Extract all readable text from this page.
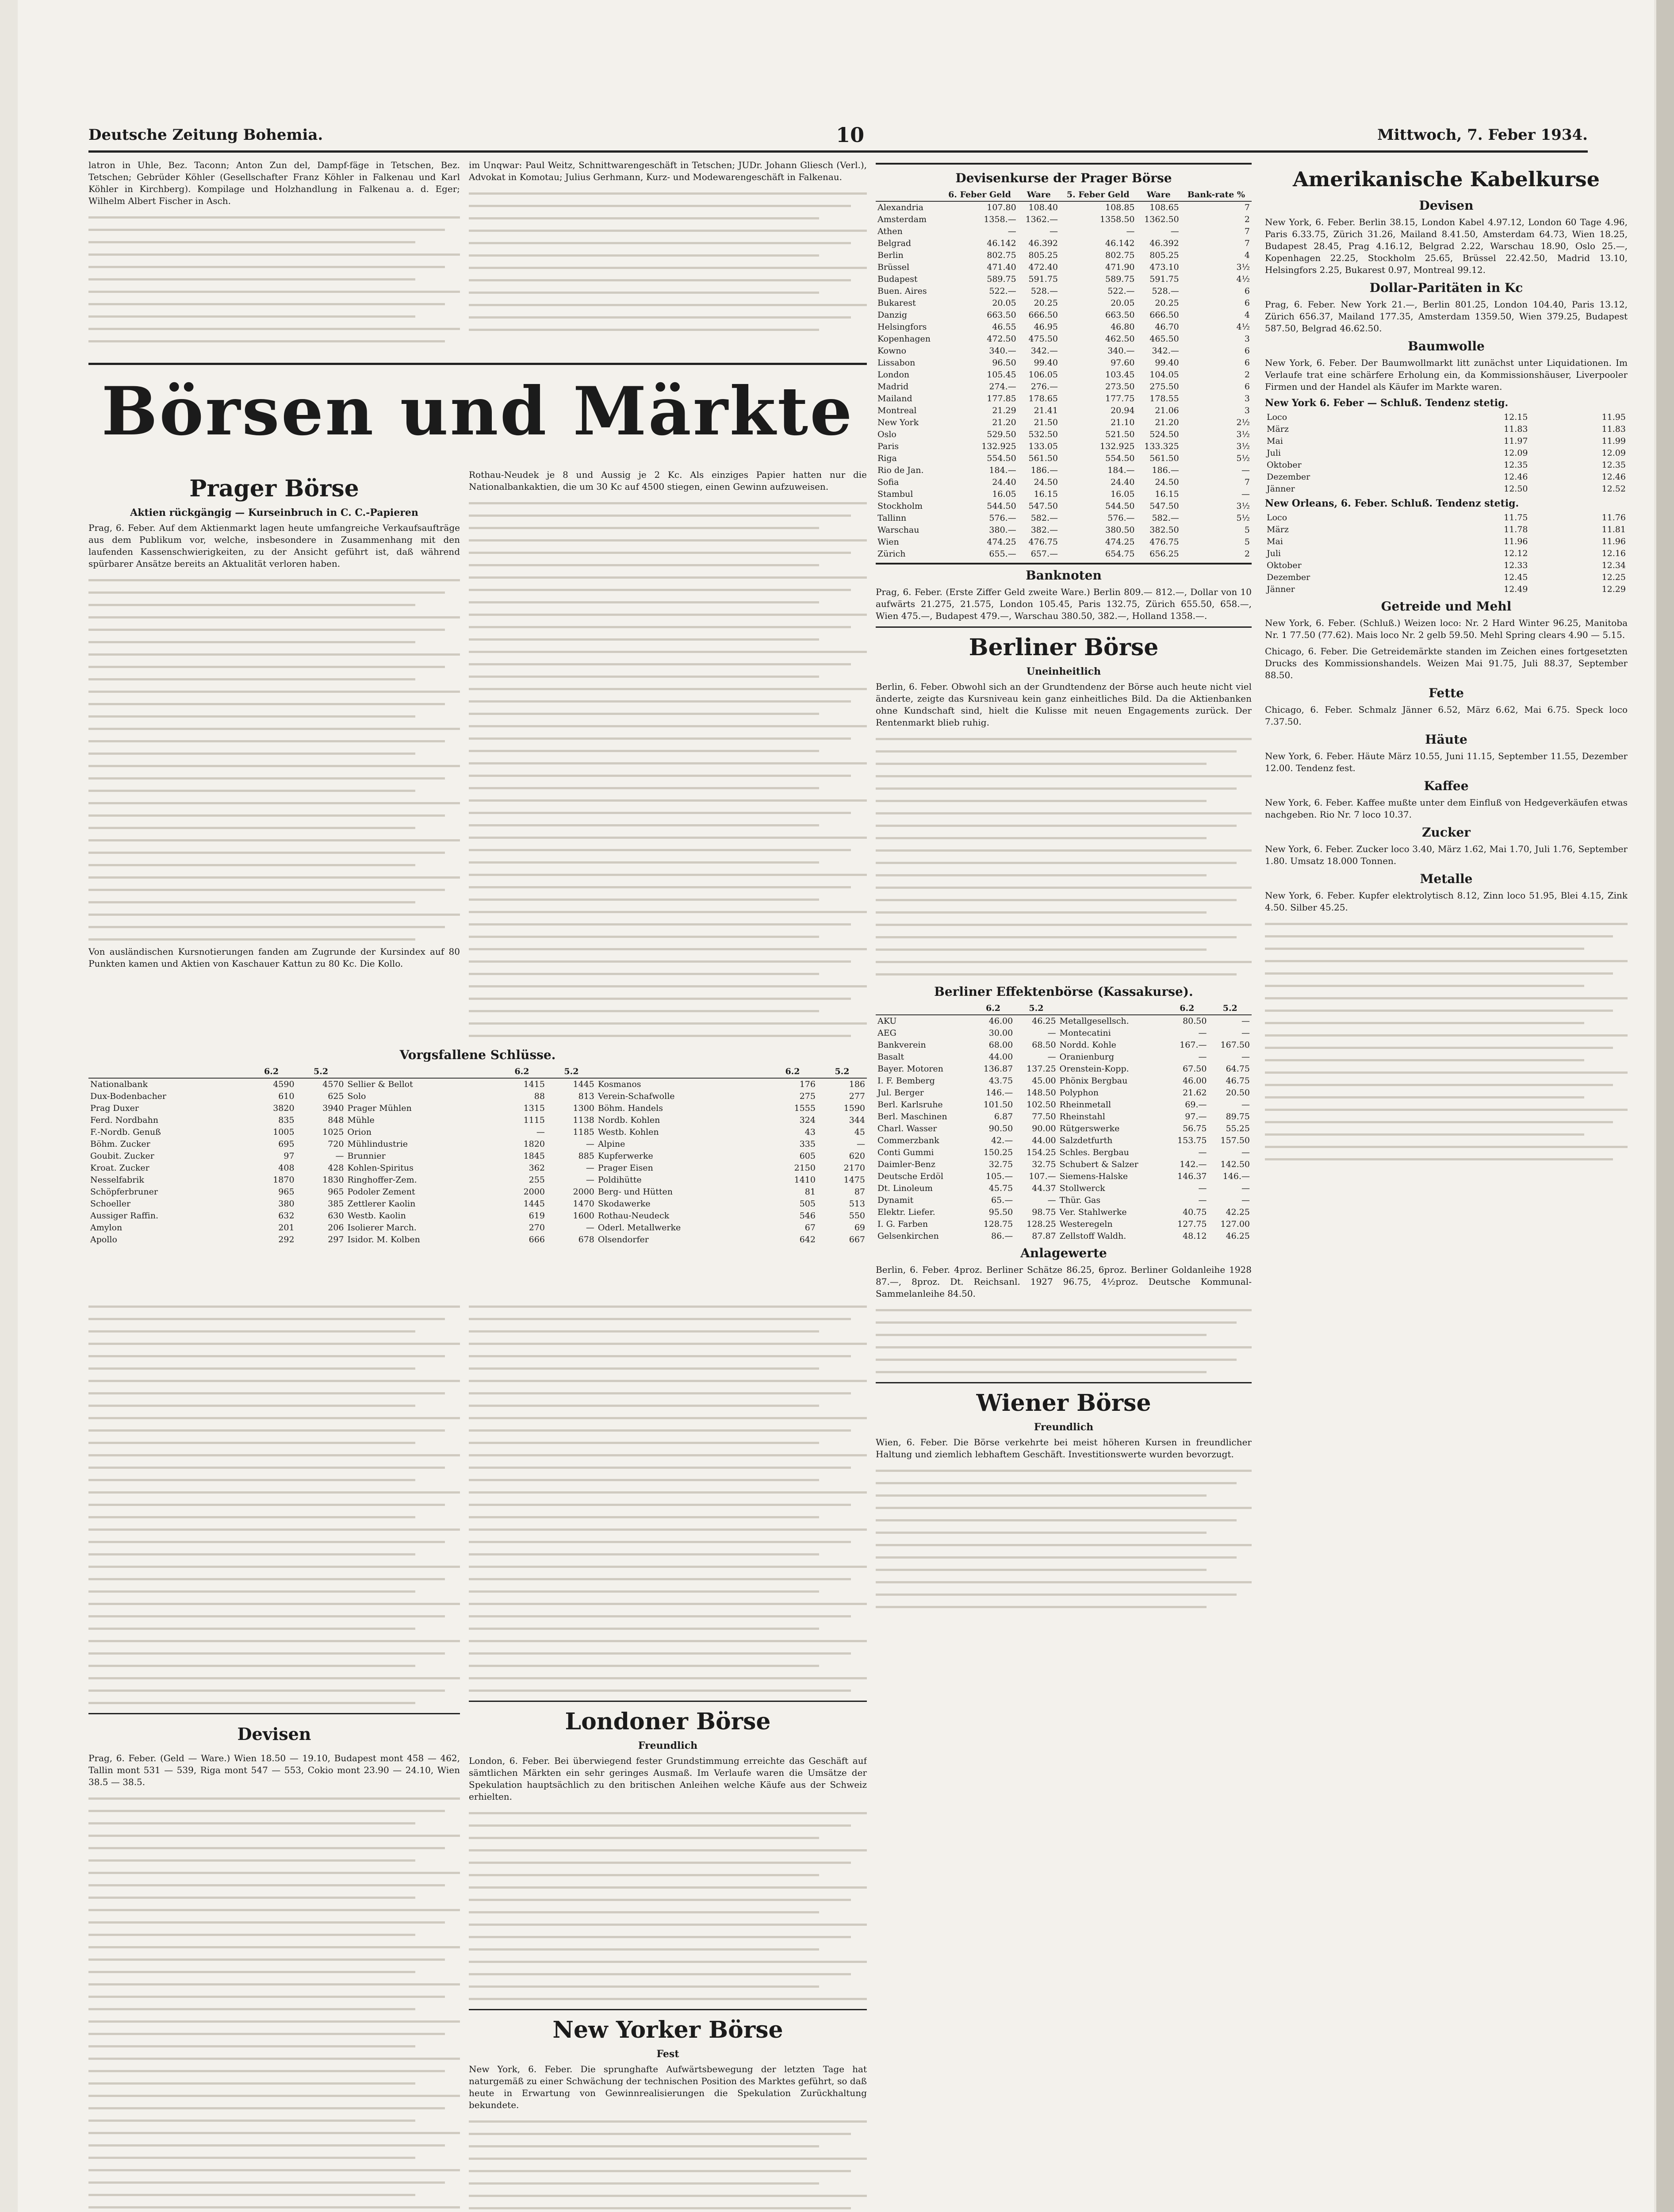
Deutsche Zeitung Bohemia.	10	Mittwoch, 7. Feber 1934.

latron in Uhle, Bez. Taconn; Anton Zun del, Dampf-fäge in Tetschen, Bez. Tetschen; Gebrüder Köhler (Gesellschafter Franz Köhler in Falkenau und Karl Köhler in Kirchberg). Kompilage und Holzhandlung in Falkenau a. d. Eger; Wilhelm Albert Fischer in Asch.

im Unqwar: Paul Weitz, Schnittwarengeschäft in Tetschen; JUDr. Johann Gliesch (Verl.), Advokat in Komotau; Julius Gerhmann, Kurz- und Modewarengeschäft in Falkenau.

Börsen und Märkte
Prager Börse
Aktien rückgängig — Kurseinbruch in C. C.-Papieren

Prag, 6. Feber. Auf dem Aktienmarkt lagen heute umfangreiche Verkaufsaufträge aus dem Publikum vor, welche, insbesondere in Zusammenhang mit den laufenden Kassenschwierigkeiten, zu der Ansicht geführt ist, daß während spürbarer Ansätze bereits an Aktualität verloren haben.

Von ausländischen Kursnotierungen fanden am Zugrunde der Kursindex auf 80 Punkten kamen und Aktien von Kaschauer Kattun zu 80 Kc. Die Kollo.

Rothau-Neudek je 8 und Aussig je 2 Kc. Als einziges Papier hatten nur die Nationalbankaktien, die um 30 Kc auf 4500 stiegen, einen Gewinn aufzuweisen.

Vorgsfallene Schlüsse.
	6.2	5.2		6.2	5.2		6.2	5.2
Nationalbank	4590	4570	Sellier & Bellot	1415	1445	Kosmanos	176	186
Dux-Bodenbacher	610	625	Solo	88	813	Verein-Schafwolle	275	277
Prag Duxer	3820	3940	Prager Mühlen	1315	1300	Böhm. Handels	1555	1590
Ferd. Nordbahn	835	848	Mühle	1115	1138	Nordb. Kohlen	324	344
F.-Nordb. Genuß	1005	1025	Orion	—	1185	Westb. Kohlen	43	45
Böhm. Zucker	695	720	Mühlindustrie	1820	—	Alpine	335	—
Goubit. Zucker	97	—	Brunnier	1845	885	Kupferwerke	605	620
Kroat. Zucker	408	428	Kohlen-Spiritus	362	—	Prager Eisen	2150	2170
Nesselfabrik	1870	1830	Ringhoffer-Zem.	255	—	Poldihütte	1410	1475
Schöpferbruner	965	965	Podoler Zement	2000	2000	Berg- und Hütten	81	87
Schoeller	380	385	Zettlerer Kaolin	1445	1470	Skodawerke	505	513
Aussiger Raffin.	632	630	Westb. Kaolin	619	1600	Rothau-Neudeck	546	550
Amylon	201	206	Isolierer March.	270	—	Oderl. Metallwerke	67	69
Apollo	292	297	Isidor. M. Kolben	666	678	Olsendorfer	642	667
Devisen

Prag, 6. Feber. (Geld — Ware.) Wien 18.50 — 19.10, Budapest mont 458 — 462, Tallin mont 531 — 539, Riga mont 547 — 553, Cokio mont 23.90 — 24.10, Wien 38.5 — 38.5.

Londoner Börse
Freundlich

London, 6. Feber. Bei überwiegend fester Grundstimmung erreichte das Geschäft auf sämtlichen Märkten ein sehr geringes Ausmaß. Im Verlaufe waren die Umsätze der Spekulation hauptsächlich zu den britischen Anleihen welche Käufe aus der Schweiz erhielten.

New Yorker Börse
Fest

New York, 6. Feber. Die sprunghafte Aufwärtsbewegung der letzten Tage hat naturgemäß zu einer Schwächung der technischen Position des Marktes geführt, so daß heute in Erwartung von Gewinnrealisierungen die Spekulation Zurückhaltung bekundete.

Devisenkurse der Prager Börse
	6. Feber Geld	Ware	5. Feber Geld	Ware	Bank-rate %
Alexandria	107.80	108.40	108.85	108.65	7
Amsterdam	1358.—	1362.—	1358.50	1362.50	2
Athen	—	—	—	—	7
Belgrad	46.142	46.392	46.142	46.392	7
Berlin	802.75	805.25	802.75	805.25	4
Brüssel	471.40	472.40	471.90	473.10	3½
Budapest	589.75	591.75	589.75	591.75	4½
Buen. Aires	522.—	528.—	522.—	528.—	6
Bukarest	20.05	20.25	20.05	20.25	6
Danzig	663.50	666.50	663.50	666.50	4
Helsingfors	46.55	46.95	46.80	46.70	4½
Kopenhagen	472.50	475.50	462.50	465.50	3
Kowno	340.—	342.—	340.—	342.—	6
Lissabon	96.50	99.40	97.60	99.40	6
London	105.45	106.05	103.45	104.05	2
Madrid	274.—	276.—	273.50	275.50	6
Mailand	177.85	178.65	177.75	178.55	3
Montreal	21.29	21.41	20.94	21.06	3
New York	21.20	21.50	21.10	21.20	2½
Oslo	529.50	532.50	521.50	524.50	3½
Paris	132.925	133.05	132.925	133.325	3½
Riga	554.50	561.50	554.50	561.50	5½
Rio de Jan.	184.—	186.—	184.—	186.—	—
Sofia	24.40	24.50	24.40	24.50	7
Stambul	16.05	16.15	16.05	16.15	—
Stockholm	544.50	547.50	544.50	547.50	3½
Tallinn	576.—	582.—	576.—	582.—	5½
Warschau	380.—	382.—	380.50	382.50	5
Wien	474.25	476.75	474.25	476.75	5
Zürich	655.—	657.—	654.75	656.25	2
Banknoten

Prag, 6. Feber. (Erste Ziffer Geld zweite Ware.) Berlin 809.— 812.—, Dollar von 10 aufwärts 21.275, 21.575, London 105.45, Paris 132.75, Zürich 655.50, 658.—, Wien 475.—, Budapest 479.—, Warschau 380.50, 382.—, Holland 1358.—.

Berliner Börse
Uneinheitlich

Berlin, 6. Feber. Obwohl sich an der Grundtendenz der Börse auch heute nicht viel änderte, zeigte das Kursniveau kein ganz einheitliches Bild. Da die Aktienbanken ohne Kundschaft sind, hielt die Kulisse mit neuen Engagements zurück. Der Rentenmarkt blieb ruhig.

Berliner Effektenbörse (Kassakurse).
	6.2	5.2		6.2	5.2
AKU	46.00	46.25	Metallgesellsch.	80.50	—
AEG	30.00	—	Montecatini	—	—
Bankverein	68.00	68.50	Nordd. Kohle	167.—	167.50
Basalt	44.00	—	Oranienburg	—	—
Bayer. Motoren	136.87	137.25	Orenstein-Kopp.	67.50	64.75
I. F. Bemberg	43.75	45.00	Phönix Bergbau	46.00	46.75
Jul. Berger	146.—	148.50	Polyphon	21.62	20.50
Berl. Karlsruhe	101.50	102.50	Rheinmetall	69.—	—
Berl. Maschinen	6.87	77.50	Rheinstahl	97.—	89.75
Charl. Wasser	90.50	90.00	Rütgerswerke	56.75	55.25
Commerzbank	42.—	44.00	Salzdetfurth	153.75	157.50
Conti Gummi	150.25	154.25	Schles. Bergbau	—	—
Daimler-Benz	32.75	32.75	Schubert & Salzer	142.—	142.50
Deutsche Erdöl	105.—	107.—	Siemens-Halske	146.37	146.—
Dt. Linoleum	45.75	44.37	Stollwerck	—	—
Dynamit	65.—	—	Thür. Gas	—	—
Elektr. Liefer.	95.50	98.75	Ver. Stahlwerke	40.75	42.25
I. G. Farben	128.75	128.25	Westeregeln	127.75	127.00
Gelsenkirchen	86.—	87.87	Zellstoff Waldh.	48.12	46.25
Anlagewerte

Berlin, 6. Feber. 4proz. Berliner Schätze 86.25, 6proz. Berliner Goldanleihe 1928 87.—, 8proz. Dt. Reichsanl. 1927 96.75, 4½proz. Deutsche Kommunal-Sammelanleihe 84.50.

Wiener Börse
Freundlich

Wien, 6. Feber. Die Börse verkehrte bei meist höheren Kursen in freundlicher Haltung und ziemlich lebhaftem Geschäft. Investitionswerte wurden bevorzugt.

Amerikanische Kabelkurse
Devisen

New York, 6. Feber. Berlin 38.15, London Kabel 4.97.12, London 60 Tage 4.96, Paris 6.33.75, Zürich 31.26, Mailand 8.41.50, Amsterdam 64.73, Wien 18.25, Budapest 28.45, Prag 4.16.12, Belgrad 2.22, Warschau 18.90, Oslo 25.—, Kopenhagen 22.25, Stockholm 25.65, Brüssel 22.42.50, Madrid 13.10, Helsingfors 2.25, Bukarest 0.97, Montreal 99.12.

Dollar-Paritäten in Kc

Prag, 6. Feber. New York 21.—, Berlin 801.25, London 104.40, Paris 13.12, Zürich 656.37, Mailand 177.35, Amsterdam 1359.50, Wien 379.25, Budapest 587.50, Belgrad 46.62.50.

Baumwolle

New York, 6. Feber. Der Baumwollmarkt litt zunächst unter Liquidationen. Im Verlaufe trat eine schärfere Erholung ein, da Kommissionshäuser, Liverpooler Firmen und der Handel als Käufer im Markte waren.

New York 6. Feber — Schluß. Tendenz stetig.
Loco	12.15	11.95
März	11.83	11.83
Mai	11.97	11.99
Juli	12.09	12.09
Oktober	12.35	12.35
Dezember	12.46	12.46
Jänner	12.50	12.52
New Orleans, 6. Feber. Schluß. Tendenz stetig.
Loco	11.75	11.76
März	11.78	11.81
Mai	11.96	11.96
Juli	12.12	12.16
Oktober	12.33	12.34
Dezember	12.45	12.25
Jänner	12.49	12.29
Getreide und Mehl

New York, 6. Feber. (Schluß.) Weizen loco: Nr. 2 Hard Winter 96.25, Manitoba Nr. 1 77.50 (77.62). Mais loco Nr. 2 gelb 59.50. Mehl Spring clears 4.90 — 5.15.

Chicago, 6. Feber. Die Getreidemärkte standen im Zeichen eines fortgesetzten Drucks des Kommissionshandels. Weizen Mai 91.75, Juli 88.37, September 88.50.

Fette

Chicago, 6. Feber. Schmalz Jänner 6.52, März 6.62, Mai 6.75. Speck loco 7.37.50.

Häute

New York, 6. Feber. Häute März 10.55, Juni 11.15, September 11.55, Dezember 12.00. Tendenz fest.

Kaffee

New York, 6. Feber. Kaffee mußte unter dem Einfluß von Hedgeverkäufen etwas nachgeben. Rio Nr. 7 loco 10.37.

Zucker

New York, 6. Feber. Zucker loco 3.40, März 1.62, Mai 1.70, Juli 1.76, September 1.80. Umsatz 18.000 Tonnen.

Metalle

New York, 6. Feber. Kupfer elektrolytisch 8.12, Zinn loco 51.95, Blei 4.15, Zink 4.50. Silber 45.25.
